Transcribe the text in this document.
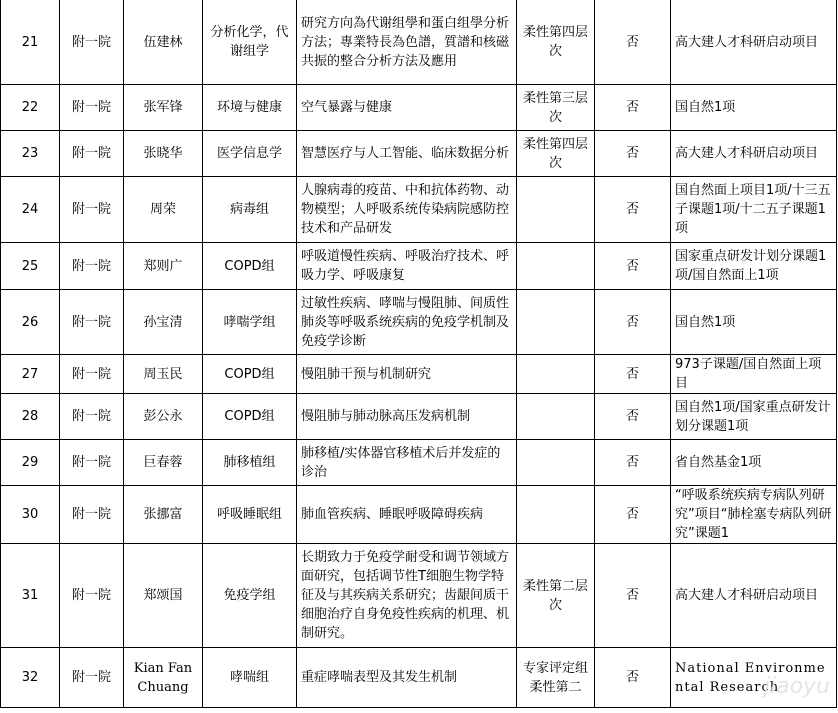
21	附一院	伍建林	分析化学，代谢组学	研究方向為代谢组學和蛋白组學分析方法；專業特長為色譜，質譜和核磁共振的整合分析方法及應用	柔性第四层次	否	高大建人才科研启动项目

22	附一院	张军锋	环境与健康	空气暴露与健康	柔性第三层次	否	国自然1项

23	附一院	张晓华	医学信息学	智慧医疗与人工智能、临床数据分析	柔性第四层次	否	高大建人才科研启动项目

24	附一院	周荣	病毒组	人腺病毒的疫苗、中和抗体药物、动物模型；人呼吸系统传染病院感防控技术和产品研发		否	国自然面上项目1项/十三五子课题1项/十二五子课题1项

25	附一院	郑则广	COPD组	呼吸道慢性疾病、呼吸治疗技术、呼吸力学、呼吸康复		否	国家重点研发计划分课题1项/国自然面上1项

26	附一院	孙宝清	哮喘学组	过敏性疾病、哮喘与慢阻肺、间质性肺炎等呼吸系统疾病的免疫学机制及免疫学诊断		否	国自然1项

27	附一院	周玉民	COPD组	慢阻肺干预与机制研究		否	973子课题/国自然面上项目

28	附一院	彭公永	COPD组	慢阻肺与肺动脉高压发病机制		否	国自然1项/国家重点研发计划分课题1项

29	附一院	巨春蓉	肺移植组	肺移植/实体器官移植术后并发症的诊治		否	省自然基金1项

30	附一院	张挪富	呼吸睡眠组	肺血管疾病、睡眠呼吸障碍疾病		否	“呼吸系统疾病专病队列研究”项目“肺栓塞专病队列研究”课题1

31	附一院	郑颂国	免疫学组	长期致力于免疫学耐受和调节领域方面研究，包括调节性T细胞生物学特征及与其疾病关系研究；齿龈间质干细胞治疗自身免疫性疾病的机理、机制研究。	柔性第二层次	否	高大建人才科研启动项目

32	附一院	Kian Fan Chuang	哮喘组	重症哮喘表型及其发生机制	专家评定组 柔性第二	否	National Environmental Research
jiaoyu
